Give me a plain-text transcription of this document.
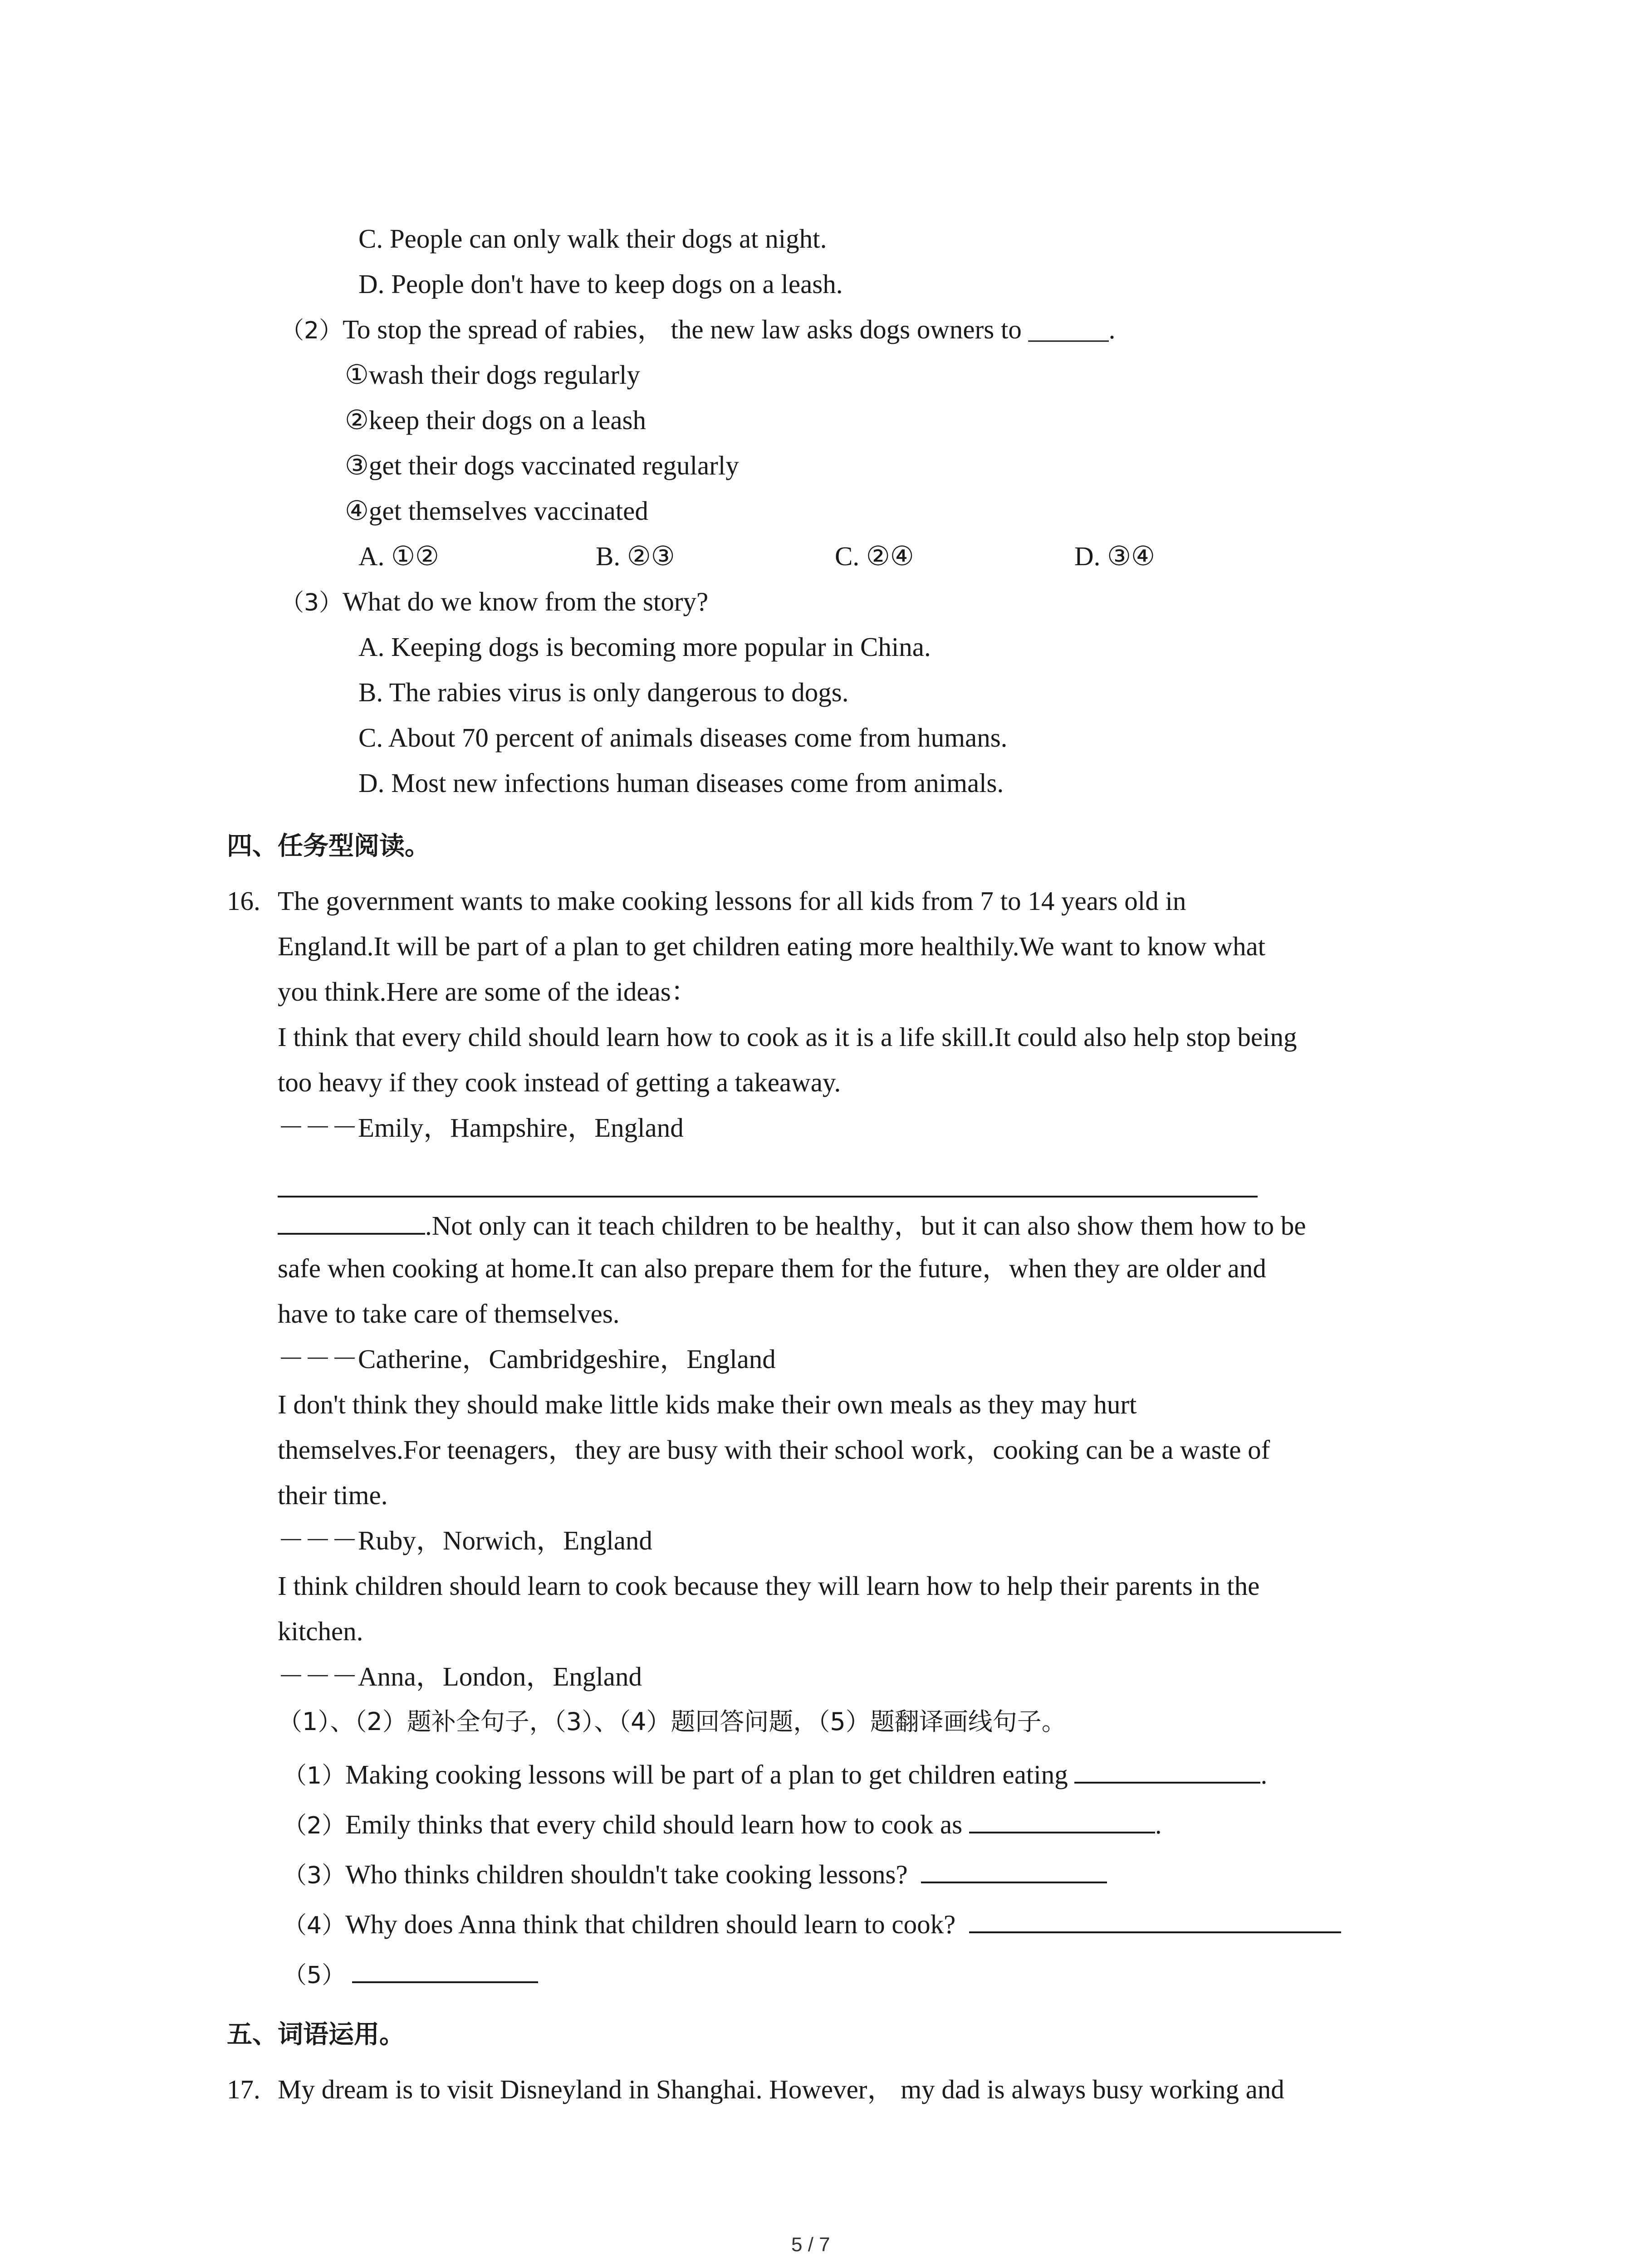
C. People can only walk their dogs at night.
D. People don't have to keep dogs on a leash.
（2）To stop the spread of rabies， the new law asks dogs owners to ______.
①wash their dogs regularly
②keep their dogs on a leash
③get their dogs vaccinated regularly
④get themselves vaccinated
A. ①②	B. ②③	C. ②④	D. ③④
（3）What do we know from the story?
A. Keeping dogs is becoming more popular in China.
B. The rabies virus is only dangerous to dogs.
C. About 70 percent of animals diseases come from humans.
D. Most new infections human diseases come from animals.
四、任务型阅读。
16. The government wants to make cooking lessons for all kids from 7 to 14 years old in
England.It will be part of a plan to get children eating more healthily.We want to know what
you think.Here are some of the ideas：
I think that every child should learn how to cook as it is a life skill.It could also help stop being
too heavy if they cook instead of getting a takeaway.
－－－Emily，Hampshire，England
.Not only can it teach children to be healthy，but it can also show them how to be
safe when cooking at home.It can also prepare them for the future，when they are older and
have to take care of themselves.
－－－Catherine，Cambridgeshire，England
I don't think they should make little kids make their own meals as they may hurt
themselves.For teenagers，they are busy with their school work，cooking can be a waste of
their time.
－－－Ruby，Norwich，England
I think children should learn to cook because they will learn how to help their parents in the
kitchen.
－－－Anna，London，England
（1）、（2）题补全句子，（3）、（4）题回答问题，（5）题翻译画线句子。
（1）Making cooking lessons will be part of a plan to get children eating	.
（2）Emily thinks that every child should learn how to cook as	.
（3）Who thinks children shouldn't take cooking lessons?
（4）Why does Anna think that children should learn to cook?
（5）
五、词语运用。
17. My dream is to visit Disneyland in Shanghai. However， my dad is always busy working and
5 / 7
